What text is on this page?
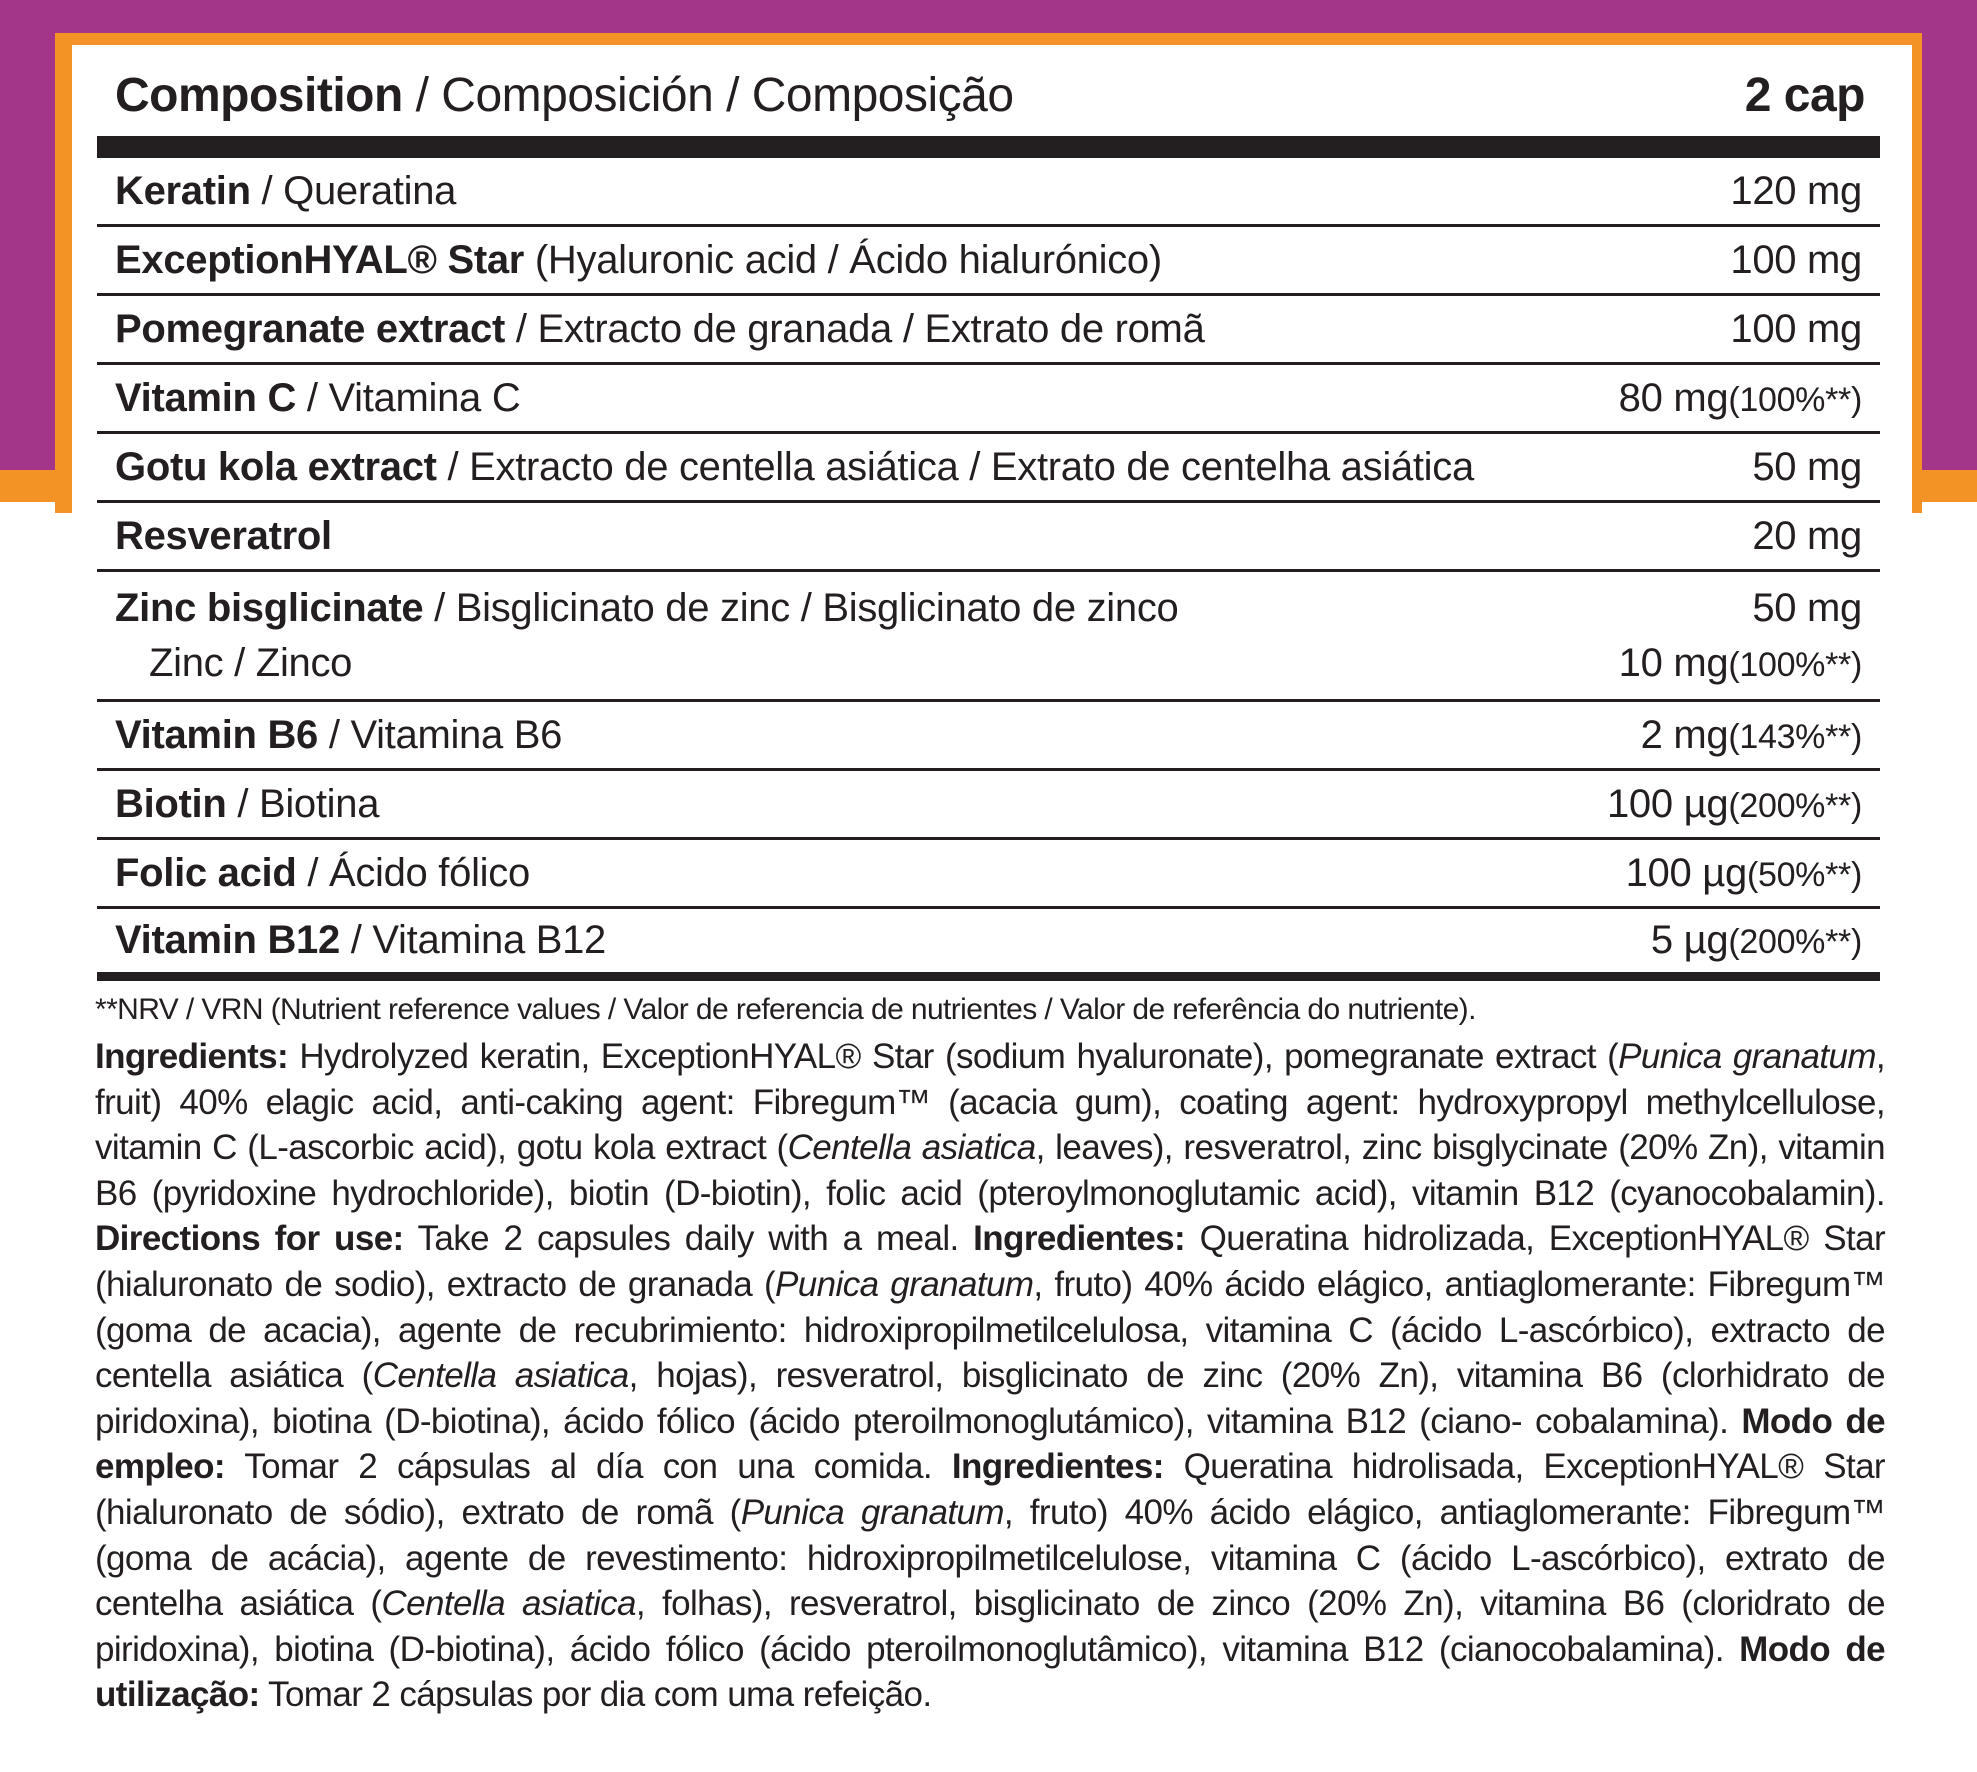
Composition / Composición / Composição	2 cap
Keratin / Queratina	120 mg
ExceptionHYAL® Star (Hyaluronic acid / Ácido hialurónico)	100 mg
Pomegranate extract / Extracto de granada / Extrato de romã	100 mg
Vitamin C / Vitamina C	80 mg(100%**)
Gotu kola extract / Extracto de centella asiática / Extrato de centelha asiática	50 mg
Resveratrol	20 mg
Zinc bisglicinate / Bisglicinato de zinc / Bisglicinato de zinco	50 mg
Zinc / Zinco	10 mg(100%**)
Vitamin B6 / Vitamina B6	2 mg(143%**)
Biotin / Biotina	100 µg(200%**)
Folic acid / Ácido fólico	100 µg(50%**)
Vitamin B12 / Vitamina B12	5 µg(200%**)
**NRV / VRN (Nutrient reference values / Valor de referencia de nutrientes / Valor de referência do nutriente).
Ingredients: Hydrolyzed keratin, ExceptionHYAL® Star (sodium hyaluronate), pomegranate extract (Punica granatum, fruit) 40% elagic acid, anti-caking agent: Fibregum™ (acacia gum), coating agent: hydroxypropyl methylcellulose, vitamin C (L-ascorbic acid), gotu kola extract (Centella asiatica, leaves), resveratrol, zinc bisglycinate (20% Zn), vitamin B6 (pyridoxine hydrochloride), biotin (D-biotin), folic acid (pteroylmonoglutamic acid), vitamin B12 (cyanocobalamin). Directions for use: Take 2 capsules daily with a meal. Ingredientes: Queratina hidrolizada, ExceptionHYAL® Star (hialuronato de sodio), extracto de granada (Punica granatum, fruto) 40% ácido elágico, antiaglomerante: Fibregum™ (goma de acacia), agente de recubrimiento: hidroxipropilmetilcelulosa, vitamina C (ácido L-ascórbico), extracto de centella asiática (Centella asiatica, hojas), resveratrol, bisglicinato de zinc (20% Zn), vitamina B6 (clorhidrato de piridoxina), biotina (D-biotina), ácido fólico (ácido pteroilmonoglutámico), vitamina B12 (ciano- cobalamina). Modo de empleo: Tomar 2 cápsulas al día con una comida. Ingredientes: Queratina hidrolisada, ExceptionHYAL® Star (hialuronato de sódio), extrato de romã (Punica granatum, fruto) 40% ácido elágico, antiaglomerante: Fibregum™ (goma de acácia), agente de revestimento: hidroxipropilmetilcelulose, vitamina C (ácido L-ascórbico), extrato de centelha asiática (Centella asiatica, folhas), resveratrol, bisglicinato de zinco (20% Zn), vitamina B6 (cloridrato de piridoxina), biotina (D-biotina), ácido fólico (ácido pteroilmonoglutâmico), vitamina B12 (cianocobalamina). Modo de utilização: Tomar 2 cápsulas por dia com uma refeição.
